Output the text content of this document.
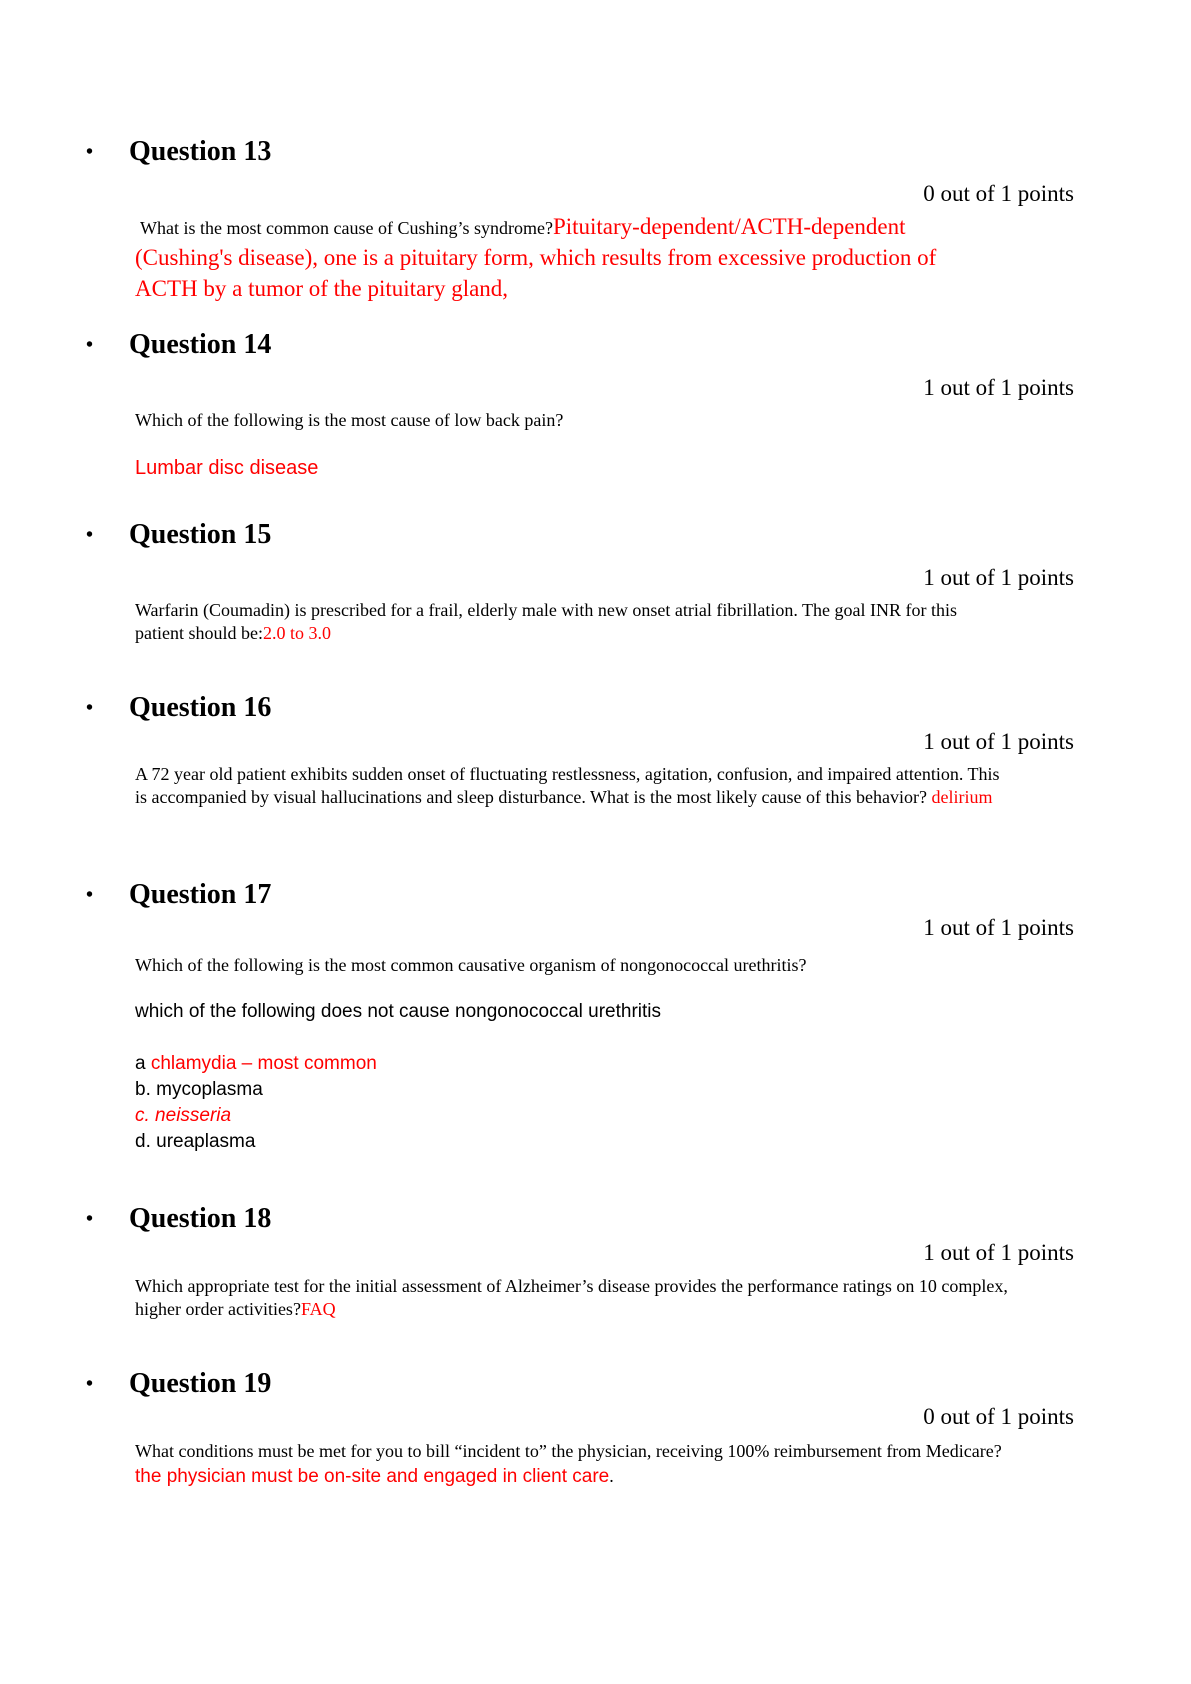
• Question 13
0 out of 1 points

What is the most common cause of Cushing’s syndrome?Pituitary-dependent/ACTH-dependent (Cushing's disease), one is a pituitary form, which results from excessive production of ACTH by a tumor of the pituitary gland,

• Question 14
1 out of 1 points

Which of the following is the most cause of low back pain?

Lumbar disc disease

• Question 15
1 out of 1 points

Warfarin (Coumadin) is prescribed for a frail, elderly male with new onset atrial fibrillation. The goal INR for this patient should be:2.0 to 3.0

• Question 16
1 out of 1 points

A 72 year old patient exhibits sudden onset of fluctuating restlessness, agitation, confusion, and impaired attention. This is accompanied by visual hallucinations and sleep disturbance. What is the most likely cause of this behavior? delirium

• Question 17
1 out of 1 points

Which of the following is the most common causative organism of nongonococcal urethritis?

which of the following does not cause nongonococcal urethritis

a chlamydia – most common

b. mycoplasma

c. neisseria

d. ureaplasma

• Question 18
1 out of 1 points

Which appropriate test for the initial assessment of Alzheimer’s disease provides the performance ratings on 10 complex, higher order activities?FAQ

• Question 19
0 out of 1 points

What conditions must be met for you to bill “incident to” the physician, receiving 100% reimbursement from Medicare?the physician must be on-site and engaged in client care.
